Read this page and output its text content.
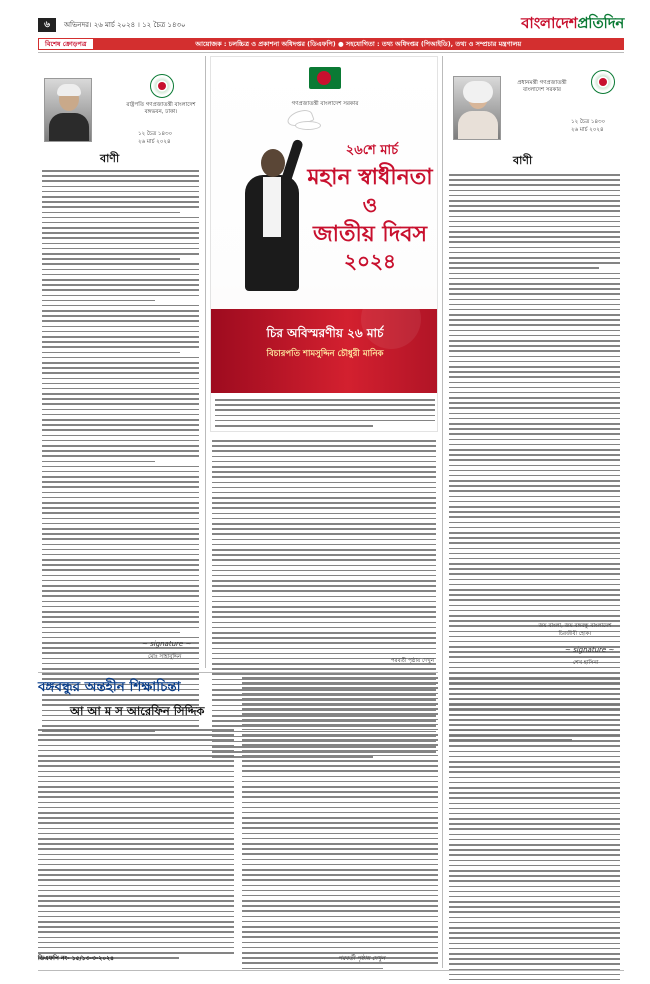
৬	অভিনদর। ২৬ মার্চ ২০২৪ । ১২ চৈত্র ১৪৩০	বাংলাদেশপ্রতিদিন
বিশেষ ক্রোড়পত্র	আয়োজক : চলচ্চিত্র ও প্রকাশনা অধিদপ্তর (ডিএফপি) ● সহযোগিতা : তথ্য অধিদপ্তর (পিআইডি), তথ্য ও সম্প্রচার মন্ত্রণালয়
রাষ্ট্রপতি গণপ্রজাতন্ত্রী বাংলাদেশ বঙ্গভবন, ঢাকা।
১২ চৈত্র ১৪৩০
২৬ মার্চ ২০২৪
বাণী
~ signature ~
মোঃ সাহাবুদ্দিন
গণপ্রজাতন্ত্রী বাংলাদেশ সরকার
২৬শে মার্চ
মহান স্বাধীনতা
ও
জাতীয় দিবস
২০২৪
চির অবিস্মরণীয় ২৬ মার্চ
বিচারপতি শামসুদ্দিন চৌধুরী মানিক
পরবর্তী পৃষ্ঠায় দেখুন
প্রধানমন্ত্রী গণপ্রজাতন্ত্রী বাংলাদেশ সরকার
১২ চৈত্র ১৪৩০
২৬ মার্চ ২০২৪
বাণী
জয় বাংলা, জয় বঙ্গবন্ধু বাংলাদেশ চিরজীবী হোক।
~ signature ~
শেখ হাসিনা
বঙ্গবন্ধুর অন্তহীন শিক্ষাচিন্তা
আ আ ম স আরেফিন সিদ্দিক
ডিএফপি নং- ১৫/১৩-৩-২০২৪	পরবর্তী পৃষ্ঠায় দেখুন
